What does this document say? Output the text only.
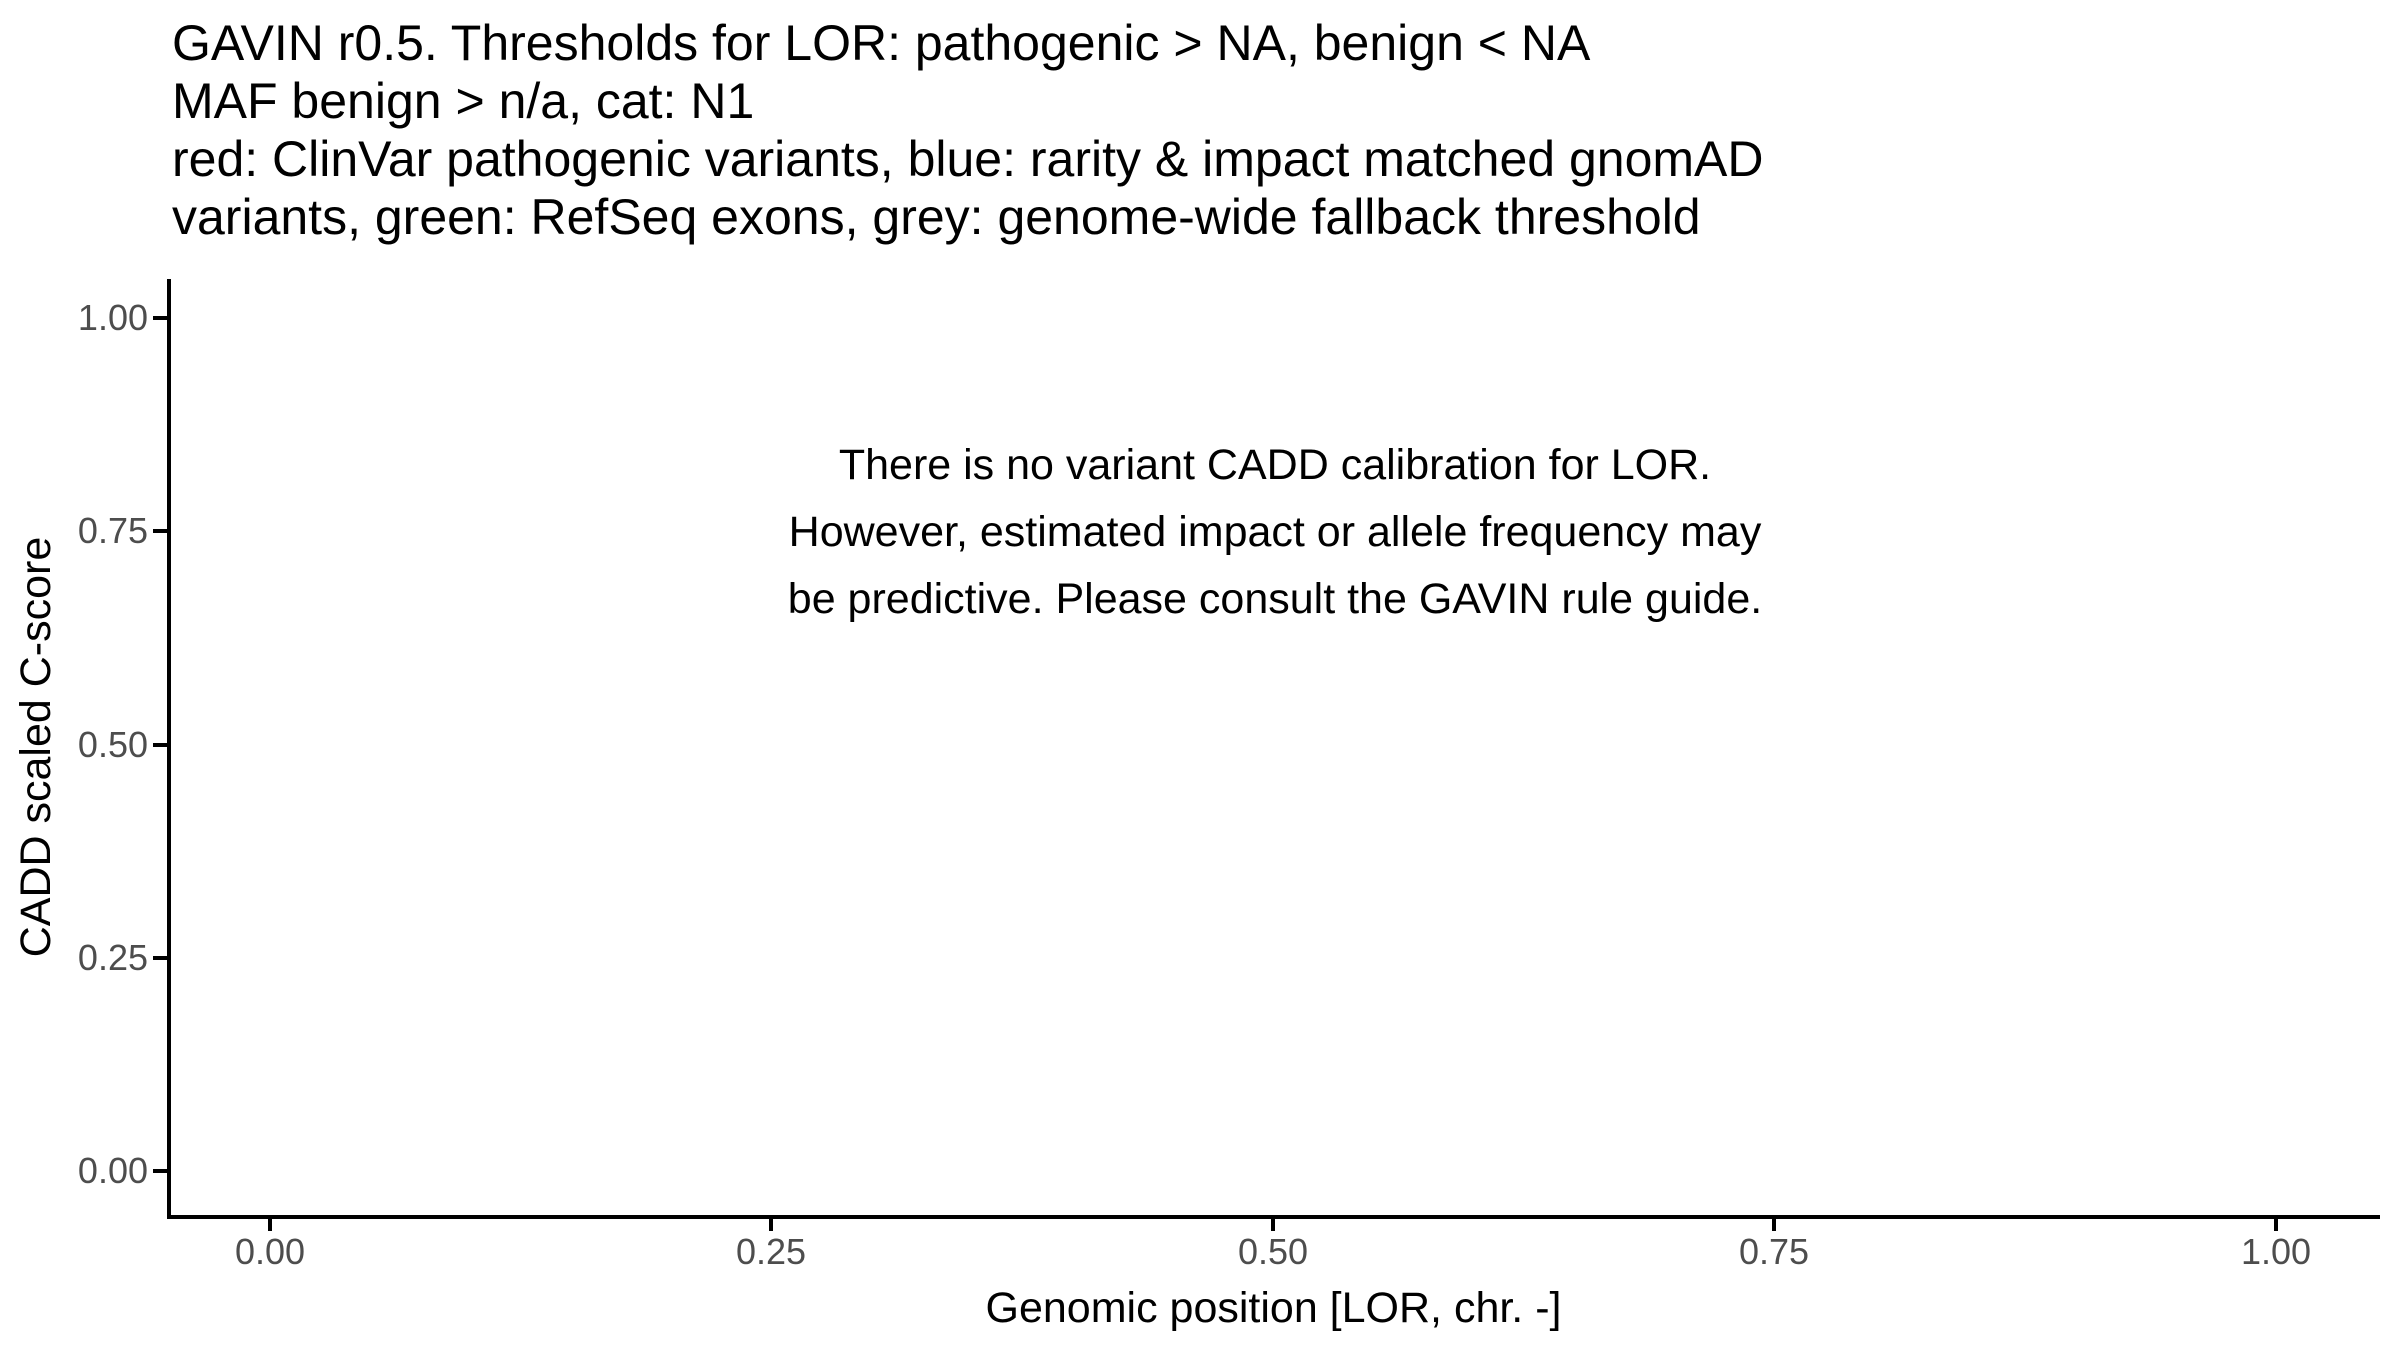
GAVIN r0.5. Thresholds for LOR: pathogenic > NA, benign < NA
MAF benign > n/a, cat: N1
red: ClinVar pathogenic variants, blue: rarity & impact matched gnomAD
variants, green: RefSeq exons, grey: genome-wide fallback threshold
1.00
0.75
0.50
0.25
0.00
0.00	0.25	0.50	0.75	1.00
Genomic position [LOR, chr. -]
CADD scaled C-score
There is no variant CADD calibration for LOR.
However, estimated impact or allele frequency may
be predictive. Please consult the GAVIN rule guide.
